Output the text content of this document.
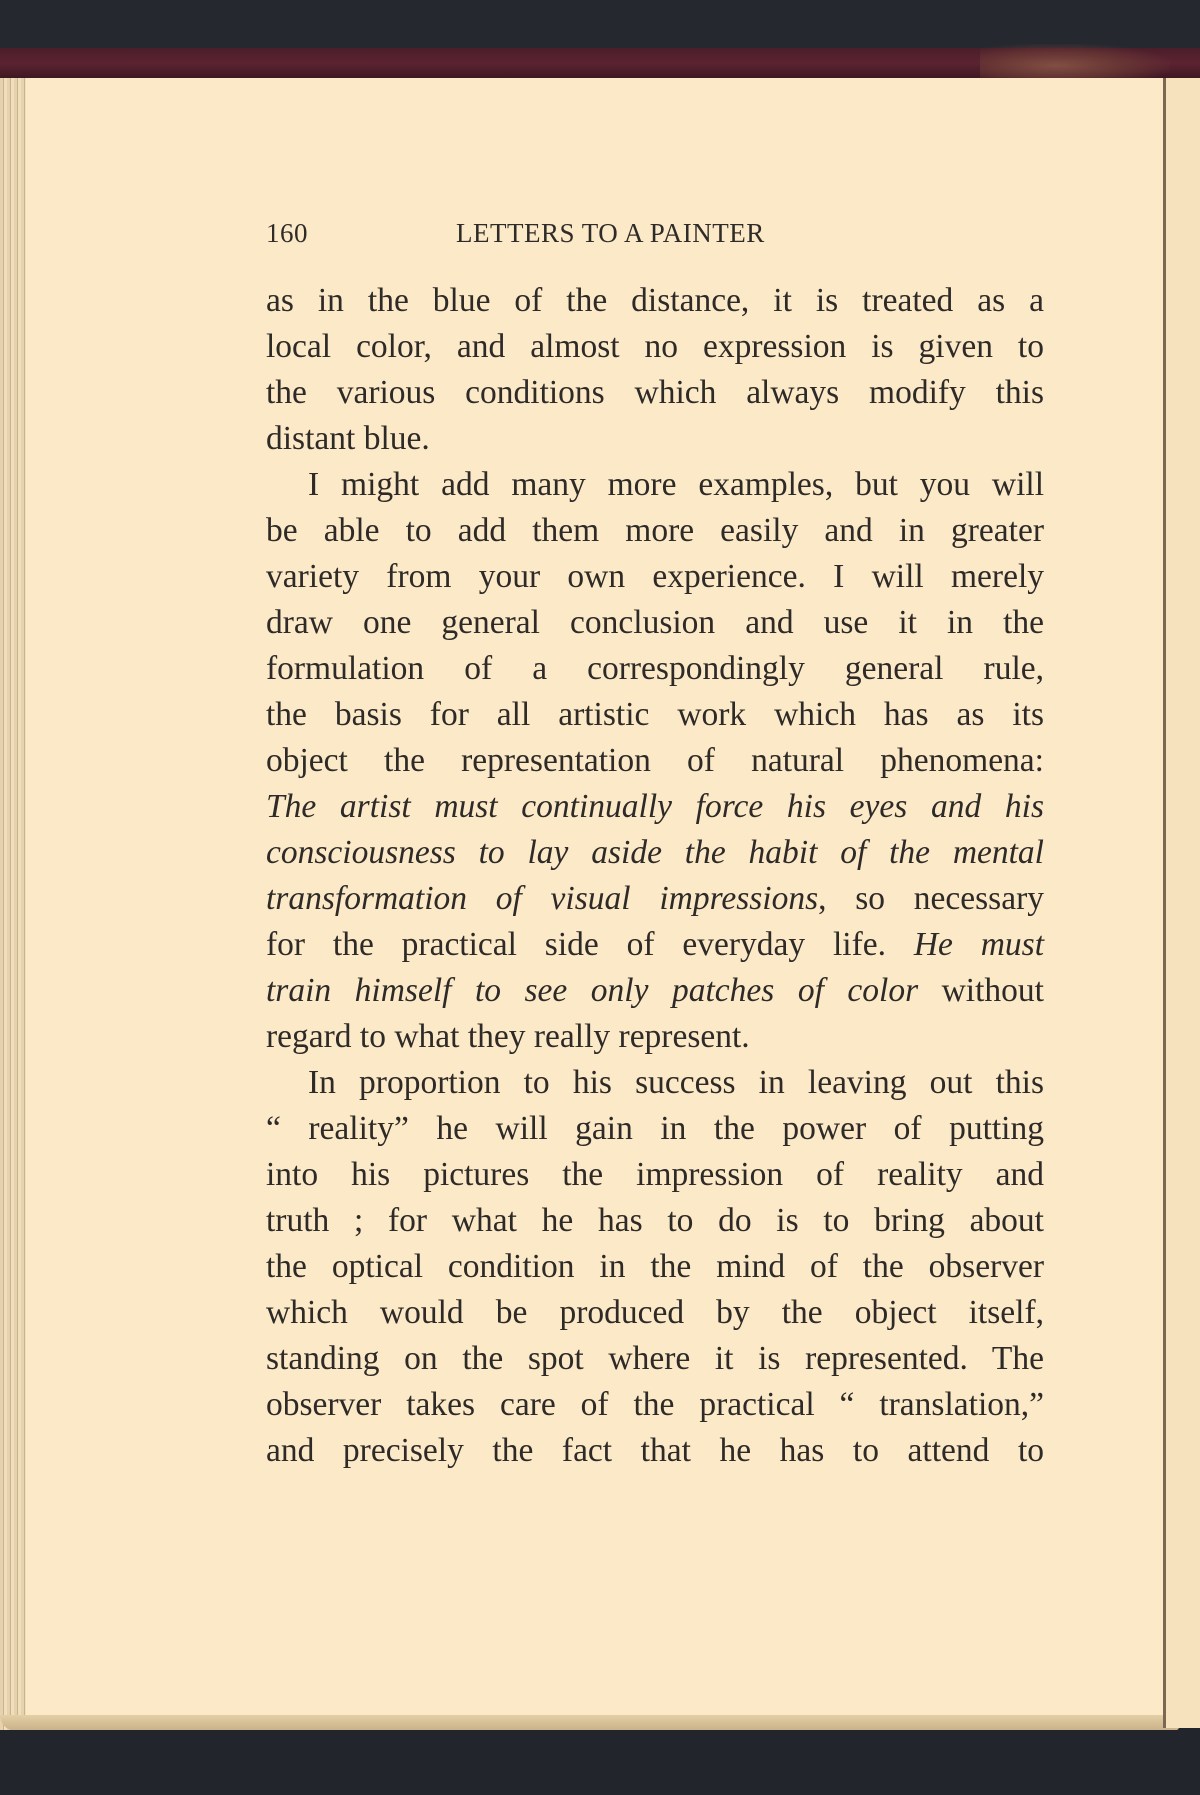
160	LETTERS TO A PAINTER

as in the blue of the distance, it is treated as a

local color, and almost no expression is given to

the various conditions which always modify this

distant blue.

I might add many more examples, but you will

be able to add them more easily and in greater

variety from your own experience. I will merely

draw one general conclusion and use it in the

formulation of a correspondingly general rule,

the basis for all artistic work which has as its

object the representation of natural phenomena:

The artist must continually force his eyes and his

consciousness to lay aside the habit of the mental

transformation of visual impressions, so necessary

for the practical side of everyday life. He must

train himself to see only patches of color without

regard to what they really represent.

In proportion to his success in leaving out this

“ reality” he will gain in the power of putting

into his pictures the impression of reality and

truth ; for what he has to do is to bring about

the optical condition in the mind of the observer

which would be produced by the object itself,

standing on the spot where it is represented. The

observer takes care of the practical “ translation,”

and precisely the fact that he has to attend to
